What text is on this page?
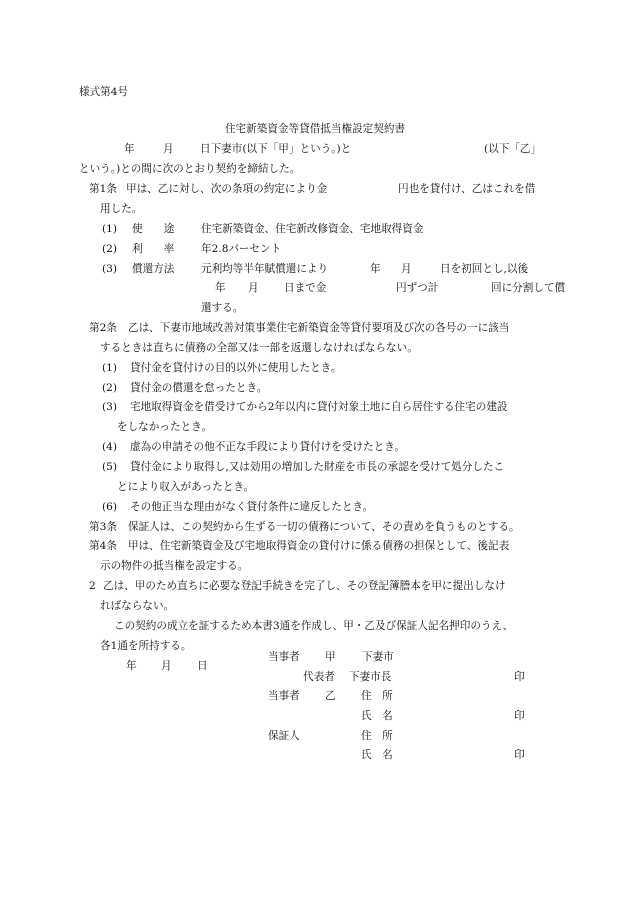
様式第4号
住宅新築資金等貸借抵当権設定契約書
年	月 日下妻市(以下「甲」という。)と	(以下「乙」
という。)との間に次のとおり契約を締結した。
第1条 甲は、乙に対し、次の条項の約定により金	円也を貸付け、乙はこれを借
用した。
(1) 使　　途	住宅新築資金、住宅新改修資金、宅地取得資金
(2) 利　　率	年2.8パーセント
(3) 償還方法	元利均等半年賦償還により	年 月	日を初回とし,以後
年 月 日まで金	円ずつ計	回に分割して償
還する。
第2条 乙は、下妻市地域改善対策事業住宅新築資金等貸付要項及び次の各号の一に該当
するときは直ちに債務の全部又は一部を返還しなければならない。
(1) 貸付金を貸付けの目的以外に使用したとき。
(2) 貸付金の償還を怠ったとき。
(3) 宅地取得資金を借受けてから2年以内に貸付対象土地に自ら居住する住宅の建設
をしなかったとき。
(4) 虚為の申請その他不正な手段により貸付けを受けたとき。
(5) 貸付金により取得し,又は効用の増加した財産を市長の承認を受けて処分したこ
とにより収入があったとき。
(6) その他正当な理由がなく貸付条件に違反したとき。
第3条 保証人は、この契約から生ずる一切の債務について、その責めを負うものとする。
第4条 甲は、住宅新築資金及び宅地取得資金の貸付けに係る債務の担保として、後記表
示の物件の抵当権を設定する。
2 乙は、甲のため直ちに必要な登記手続きを完了し、その登記簿謄本を甲に提出しなけ
ればならない。
この契約の成立を証するため本書3通を作成し、甲・乙及び保証人記名押印のうえ、
各1通を所持する。
年 月 日
当事者 甲 下妻市
代表者 下妻市長	印
当事者 乙 住　所
氏　名	印
保証人	住　所
氏　名	印
